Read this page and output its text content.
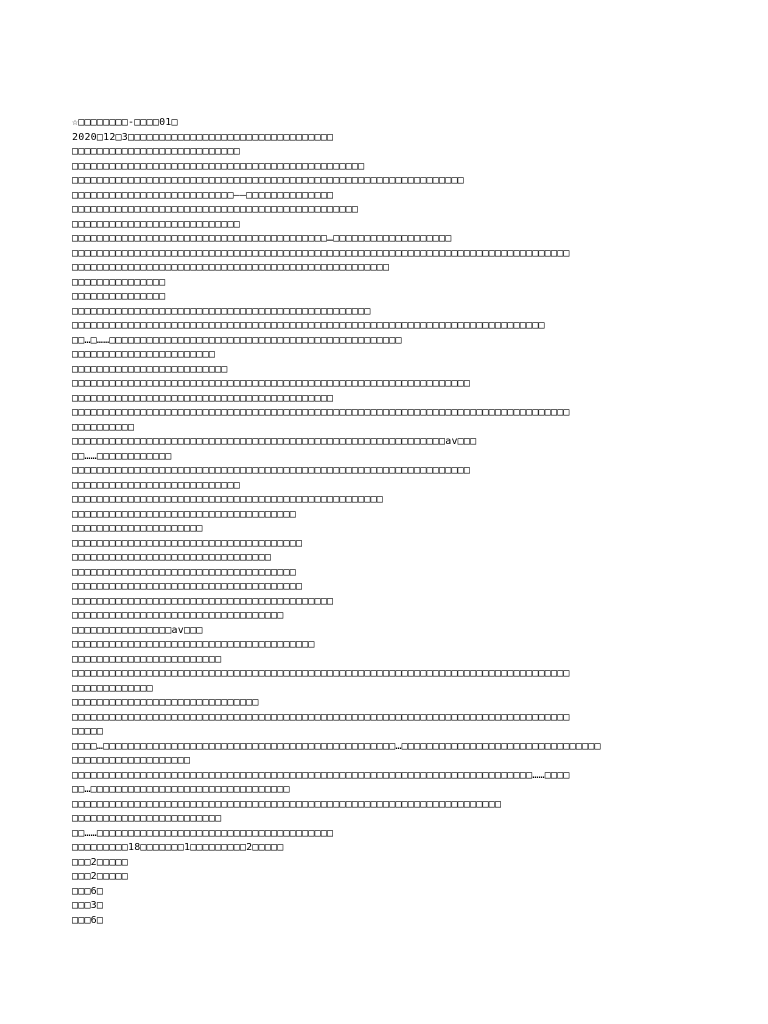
☆□□□□□□□□-□□□□01□
2020□12□3□□□□□□□□□□□□□□□□□□□□□□□□□□□□□□□□□
□□□□□□□□□□□□□□□□□□□□□□□□□□□
□□□□□□□□□□□□□□□□□□□□□□□□□□□□□□□□□□□□□□□□□□□□□□□
□□□□□□□□□□□□□□□□□□□□□□□□□□□□□□□□□□□□□□□□□□□□□□□□□□□□□□□□□□□□□□□
□□□□□□□□□□□□□□□□□□□□□□□□□□——□□□□□□□□□□□□□□
□□□□□□□□□□□□□□□□□□□□□□□□□□□□□□□□□□□□□□□□□□□□□□
□□□□□□□□□□□□□□□□□□□□□□□□□□□
□□□□□□□□□□□□□□□□□□□□□□□□□□□□□□□□□□□□□□□□□…□□□□□□□□□□□□□□□□□□□
□□□□□□□□□□□□□□□□□□□□□□□□□□□□□□□□□□□□□□□□□□□□□□□□□□□□□□□□□□□□□□□□□□□□□□□□□□□□□□□□
□□□□□□□□□□□□□□□□□□□□□□□□□□□□□□□□□□□□□□□□□□□□□□□□□□□
□□□□□□□□□□□□□□□
□□□□□□□□□□□□□□□
□□□□□□□□□□□□□□□□□□□□□□□□□□□□□□□□□□□□□□□□□□□□□□□□
□□□□□□□□□□□□□□□□□□□□□□□□□□□□□□□□□□□□□□□□□□□□□□□□□□□□□□□□□□□□□□□□□□□□□□□□□□□□
□□…□……□□□□□□□□□□□□□□□□□□□□□□□□□□□□□□□□□□□□□□□□□□□□□□□
□□□□□□□□□□□□□□□□□□□□□□□
□□□□□□□□□□□□□□□□□□□□□□□□□
□□□□□□□□□□□□□□□□□□□□□□□□□□□□□□□□□□□□□□□□□□□□□□□□□□□□□□□□□□□□□□□□
□□□□□□□□□□□□□□□□□□□□□□□□□□□□□□□□□□□□□□□□□□
□□□□□□□□□□□□□□□□□□□□□□□□□□□□□□□□□□□□□□□□□□□□□□□□□□□□□□□□□□□□□□□□□□□□□□□□□□□□□□□□
□□□□□□□□□□
□□□□□□□□□□□□□□□□□□□□□□□□□□□□□□□□□□□□□□□□□□□□□□□□□□□□□□□□□□□□av□□□
□□……□□□□□□□□□□□□
□□□□□□□□□□□□□□□□□□□□□□□□□□□□□□□□□□□□□□□□□□□□□□□□□□□□□□□□□□□□□□□□
□□□□□□□□□□□□□□□□□□□□□□□□□□□
□□□□□□□□□□□□□□□□□□□□□□□□□□□□□□□□□□□□□□□□□□□□□□□□□□
□□□□□□□□□□□□□□□□□□□□□□□□□□□□□□□□□□□□
□□□□□□□□□□□□□□□□□□□□□
□□□□□□□□□□□□□□□□□□□□□□□□□□□□□□□□□□□□□
□□□□□□□□□□□□□□□□□□□□□□□□□□□□□□□□
□□□□□□□□□□□□□□□□□□□□□□□□□□□□□□□□□□□□
□□□□□□□□□□□□□□□□□□□□□□□□□□□□□□□□□□□□□
□□□□□□□□□□□□□□□□□□□□□□□□□□□□□□□□□□□□□□□□□□
□□□□□□□□□□□□□□□□□□□□□□□□□□□□□□□□□□
□□□□□□□□□□□□□□□□av□□□
□□□□□□□□□□□□□□□□□□□□□□□□□□□□□□□□□□□□□□□
□□□□□□□□□□□□□□□□□□□□□□□□
□□□□□□□□□□□□□□□□□□□□□□□□□□□□□□□□□□□□□□□□□□□□□□□□□□□□□□□□□□□□□□□□□□□□□□□□□□□□□□□□
□□□□□□□□□□□□□
□□□□□□□□□□□□□□□□□□□□□□□□□□□□□□
□□□□□□□□□□□□□□□□□□□□□□□□□□□□□□□□□□□□□□□□□□□□□□□□□□□□□□□□□□□□□□□□□□□□□□□□□□□□□□□□
□□□□□
□□□□…□□□□□□□□□□□□□□□□□□□□□□□□□□□□□□□□□□□□□□□□□□□□□□□…□□□□□□□□□□□□□□□□□□□□□□□□□□□□□□□□
□□□□□□□□□□□□□□□□□□□
□□□□□□□□□□□□□□□□□□□□□□□□□□□□□□□□□□□□□□□□□□□□□□□□□□□□□□□□□□□□□□□□□□□□□□□□□□……□□□□
□□…□□□□□□□□□□□□□□□□□□□□□□□□□□□□□□□□
□□□□□□□□□□□□□□□□□□□□□□□□□□□□□□□□□□□□□□□□□□□□□□□□□□□□□□□□□□□□□□□□□□□□□
□□□□□□□□□□□□□□□□□□□□□□□□
□□……□□□□□□□□□□□□□□□□□□□□□□□□□□□□□□□□□□□□□□
□□□□□□□□□18□□□□□□□1□□□□□□□□□2□□□□□
□□□2□□□□□
□□□2□□□□□
□□□6□
□□□3□
□□□6□
